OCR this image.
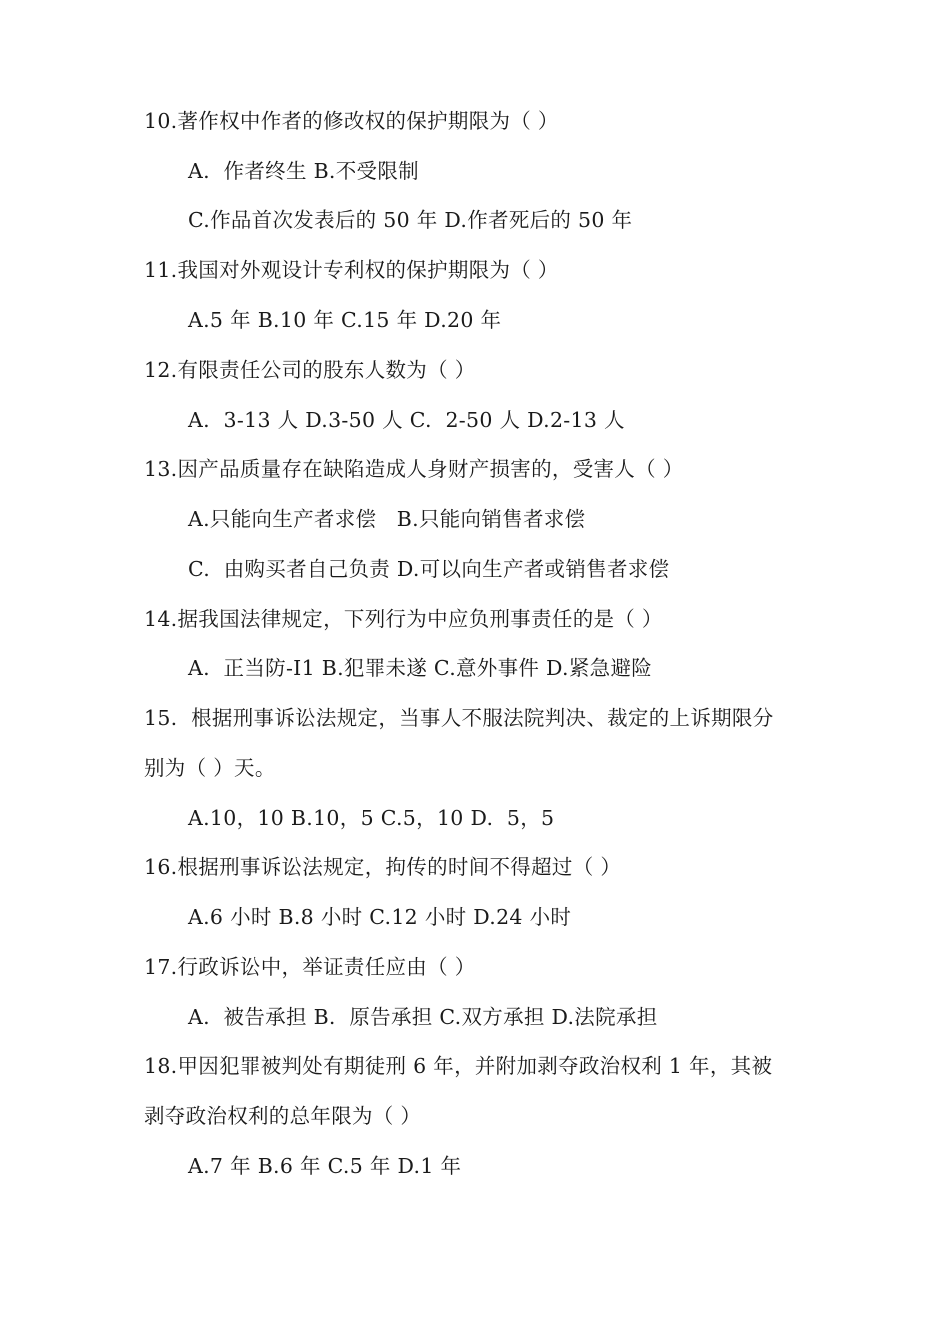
10.著作权中作者的修改权的保护期限为（ ）
A.  作者终生 B.不受限制
C.作品首次发表后的 50 年 D.作者死后的 50 年
11.我国对外观设计专利权的保护期限为（ ）
A.5 年 B.10 年 C.15 年 D.20 年
12.有限责任公司的股东人数为（ ）
A.  3-13 人 D.3-50 人 C.  2-50 人 D.2-13 人
13.因产品质量存在缺陷造成人身财产损害的，受害人（ ）
A.只能向生产者求偿   B.只能向销售者求偿
C.  由购买者自己负责 D.可以向生产者或销售者求偿
14.据我国法律规定，下列行为中应负刑事责任的是（ ）
A.  正当防-I1 B.犯罪未遂 C.意外事件 D.紧急避险
15.  根据刑事诉讼法规定，当事人不服法院判决、裁定的上诉期限分
别为（ ）天。
A.10，10 B.10，5 C.5，10 D.  5，5
16.根据刑事诉讼法规定，拘传的时间不得超过（ ）
A.6 小时 B.8 小时 C.12 小时 D.24 小时
17.行政诉讼中，举证责任应由（ ）
A.  被告承担 B.  原告承担 C.双方承担 D.法院承担
18.甲因犯罪被判处有期徒刑 6 年，并附加剥夺政治权利 1 年，其被
剥夺政治权利的总年限为（ ）
A.7 年 B.6 年 C.5 年 D.1 年
